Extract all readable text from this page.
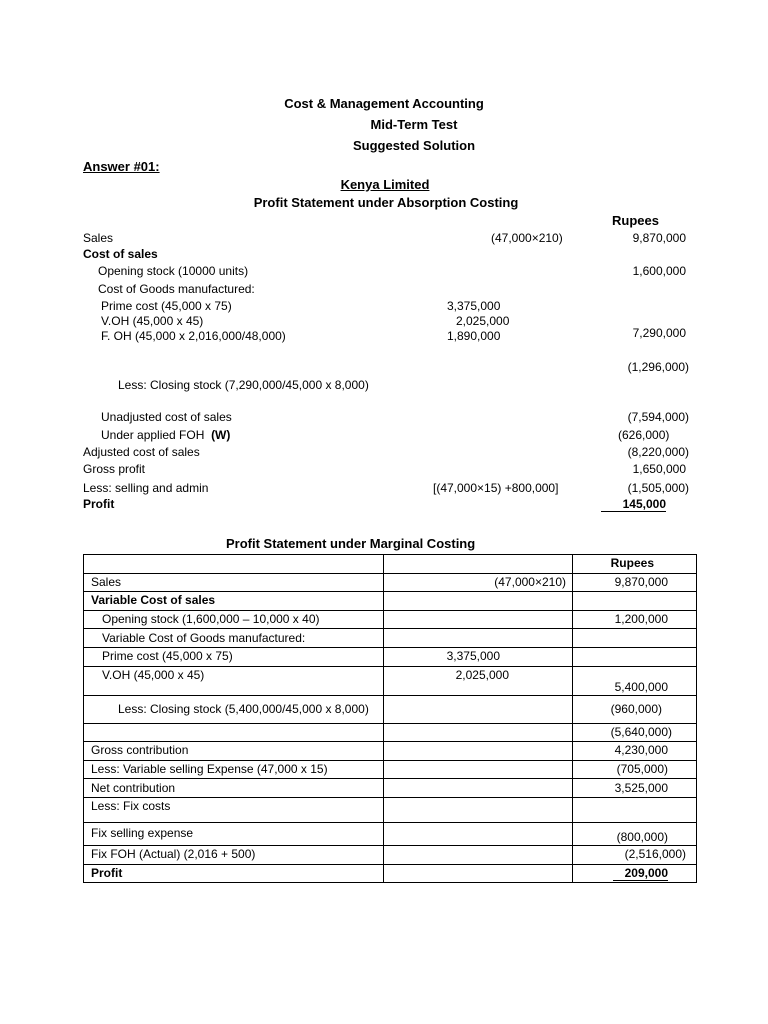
Cost & Management Accounting
Mid-Term Test
Suggested Solution
Answer #01:
Kenya Limited
Profit Statement under Absorption Costing
Rupees
Sales	(47,000×210)	9,870,000
Cost of sales
Opening stock (10000 units)	1,600,000
Cost of Goods manufactured:
Prime cost (45,000 x 75)	3,375,000
V.OH (45,000 x 45)	2,025,000
F. OH (45,000 x 2,016,000/48,000)	1,890,000	7,290,000
(1,296,000)
Less: Closing stock (7,290,000/45,000 x 8,000)
Unadjusted cost of sales	(7,594,000)
Under applied FOH (W)	(626,000)
Adjusted cost of sales	(8,220,000)
Gross profit	1,650,000
Less: selling and admin	[(47,000×15) +800,000]	(1,505,000)
Profit	145,000
Profit Statement under Marginal Costing
		Rupees
Sales	(47,000×210)	9,870,000
Variable Cost of sales		
Opening stock (1,600,000 – 10,000 x 40)		1,200,000
Variable Cost of Goods manufactured:		
Prime cost (45,000 x 75)	3,375,000	
V.OH (45,000 x 45)	2,025,000	5,400,000
Less: Closing stock (5,400,000/45,000 x 8,000)		(960,000)
		(5,640,000)
Gross contribution		4,230,000
Less: Variable selling Expense (47,000 x 15)		(705,000)
Net contribution		3,525,000

Less: Fix costs		

Fix selling expense		(800,000)
Fix FOH (Actual) (2,016 + 500)		(2,516,000)
Profit		209,000
